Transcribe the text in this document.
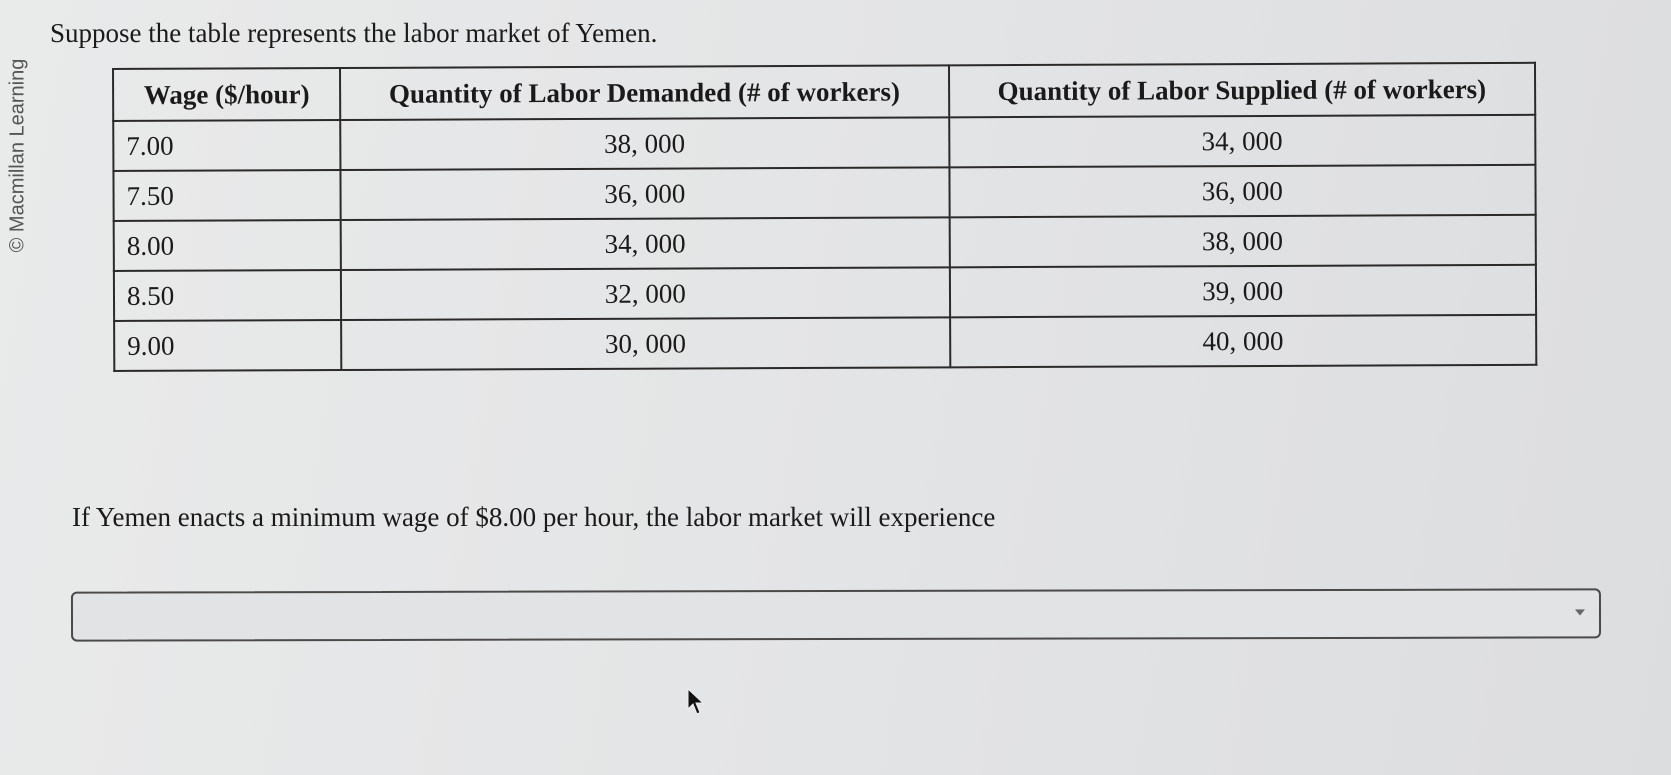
© Macmillan Learning
Suppose the table represents the labor market of Yemen.
Wage ($/hour)	Quantity of Labor Demanded (# of workers)	Quantity of Labor Supplied (# of workers)
7.00	38, 000	34, 000
7.50	36, 000	36, 000
8.00	34, 000	38, 000
8.50	32, 000	39, 000
9.00	30, 000	40, 000
If Yemen enacts a minimum wage of $8.00 per hour, the labor market will experience
